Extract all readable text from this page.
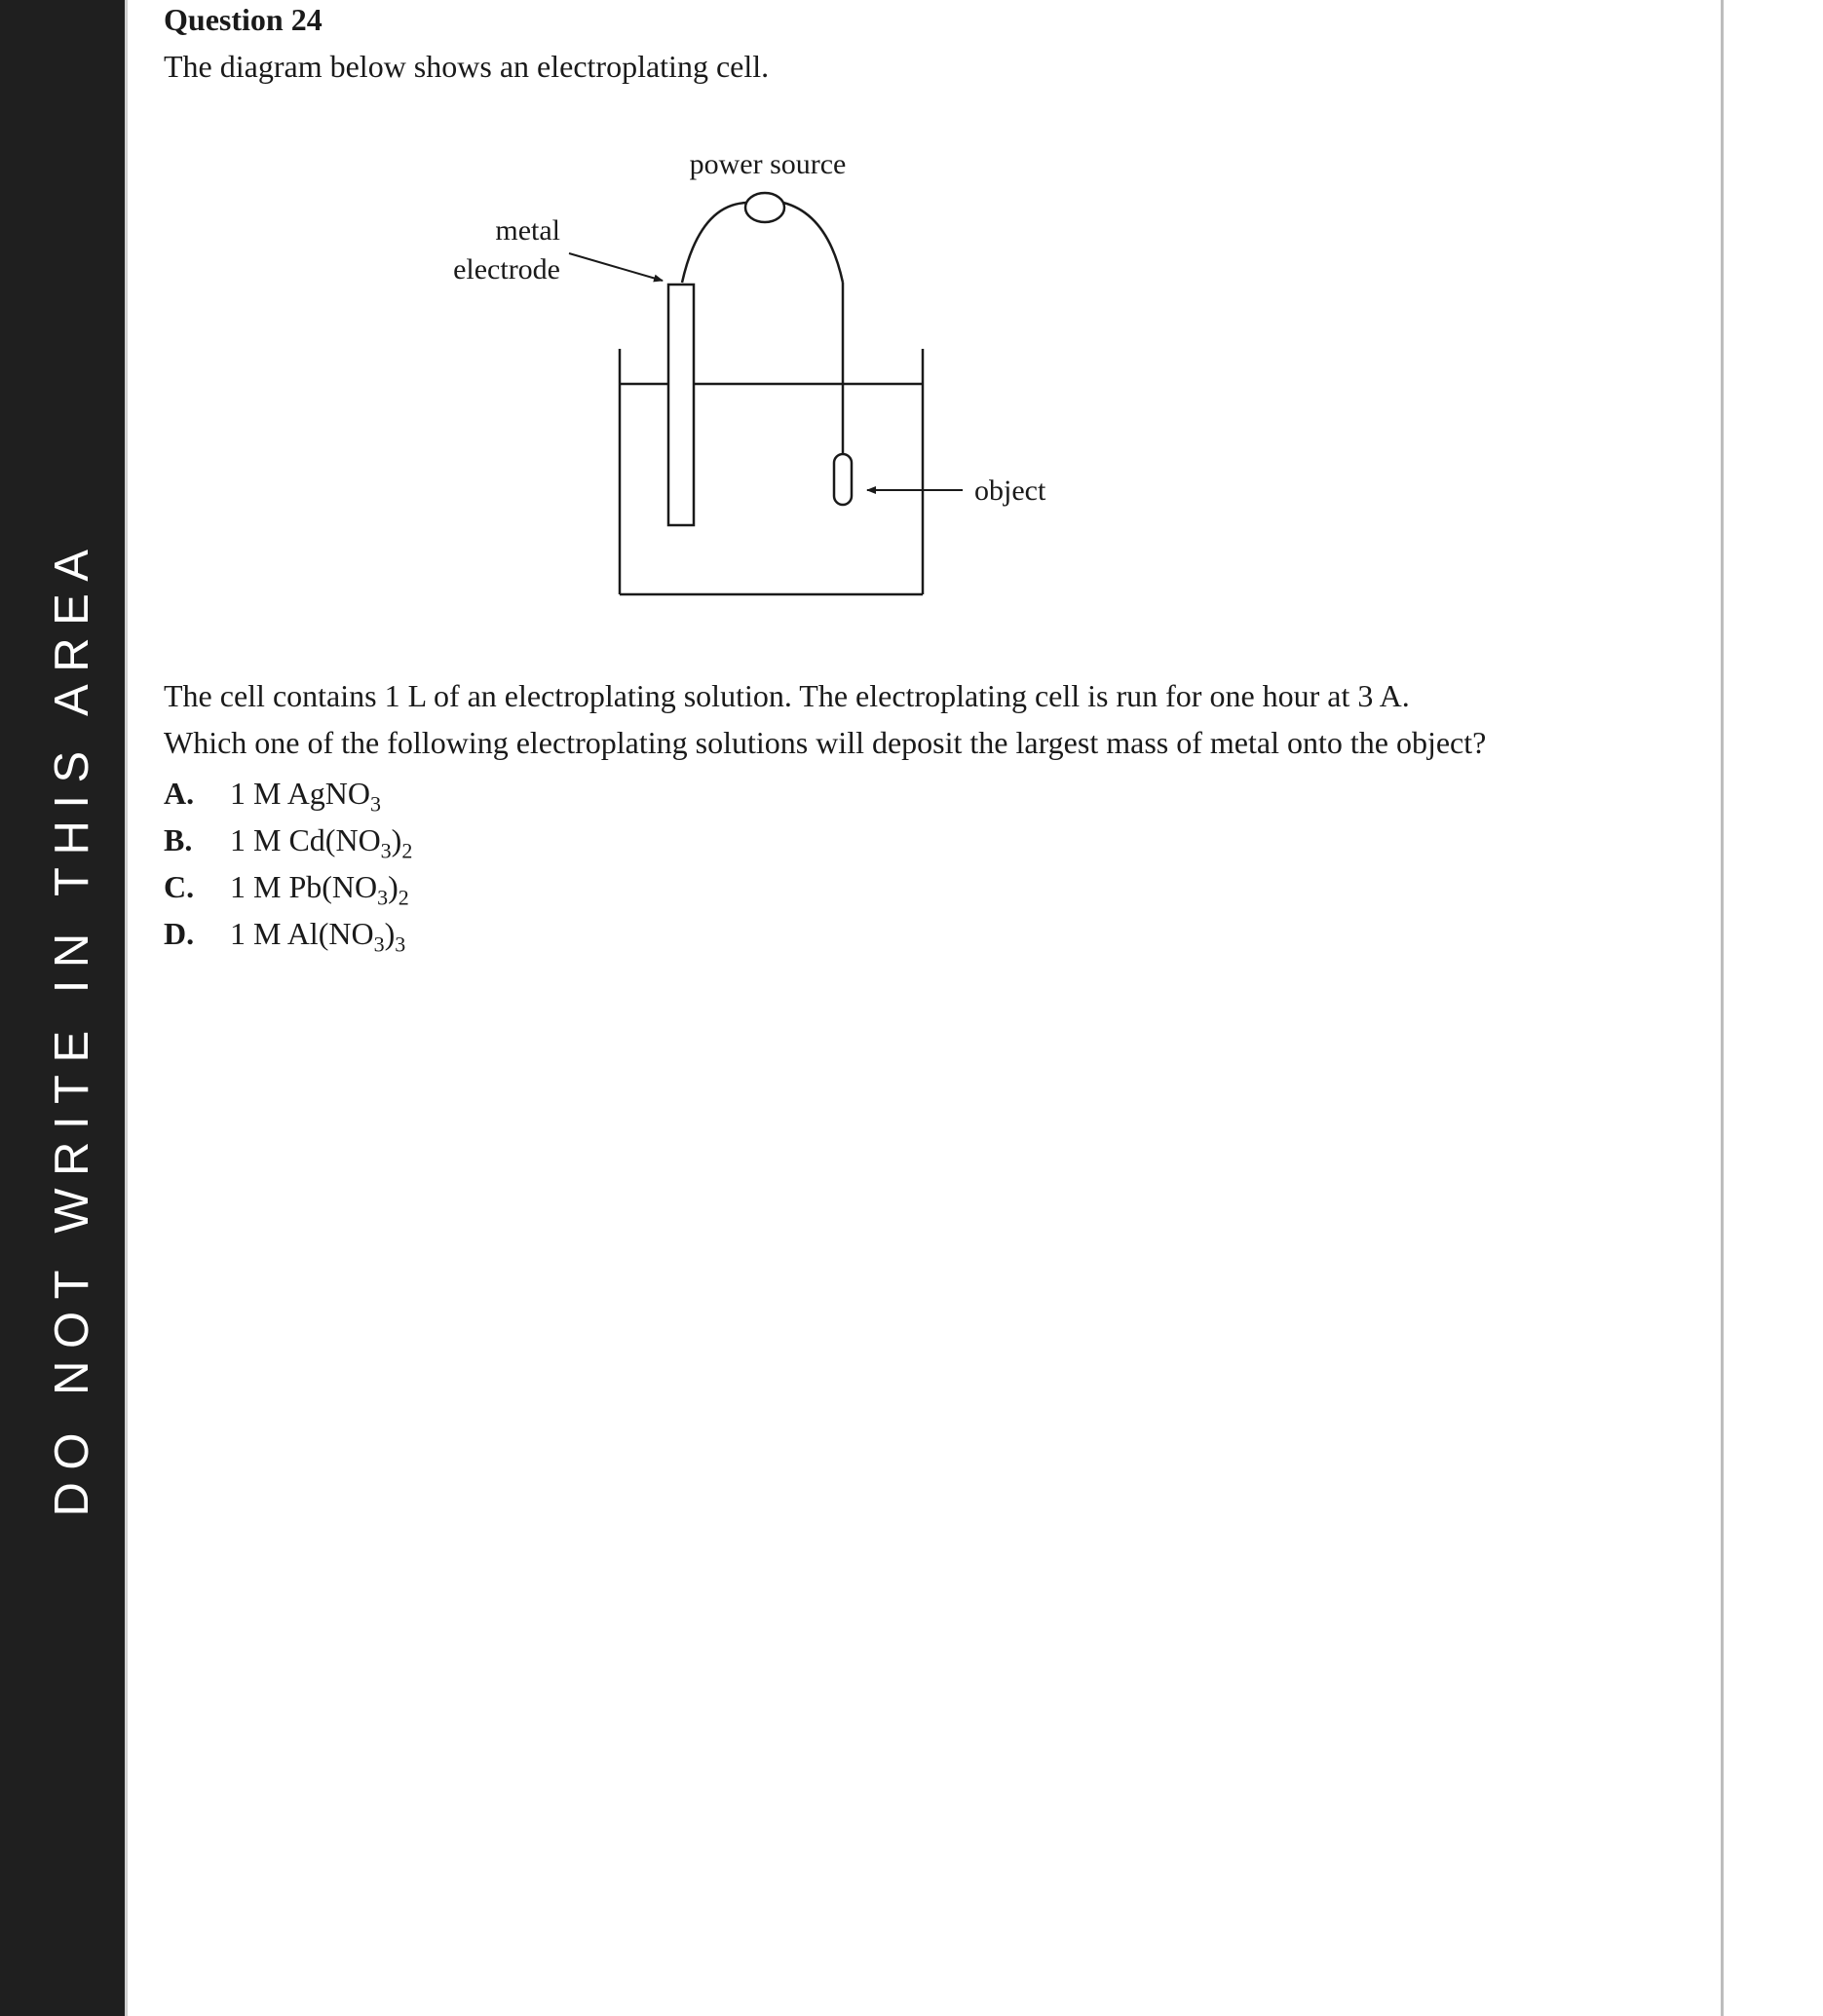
DO NOT WRITE IN THIS AREA
Question 24
The diagram below shows an electroplating cell.
power source
metal
electrode
object
The cell contains 1 L of an electroplating solution. The electroplating cell is run for one hour at 3 A.
Which one of the following electroplating solutions will deposit the largest mass of metal onto the object?
A. 1 M AgNO$_3$
B. 1 M $Cd(NO_3)_2$
C. 1 M $Pb(NO_3)_2$
D. 1 M $Al(NO_3)_3$
